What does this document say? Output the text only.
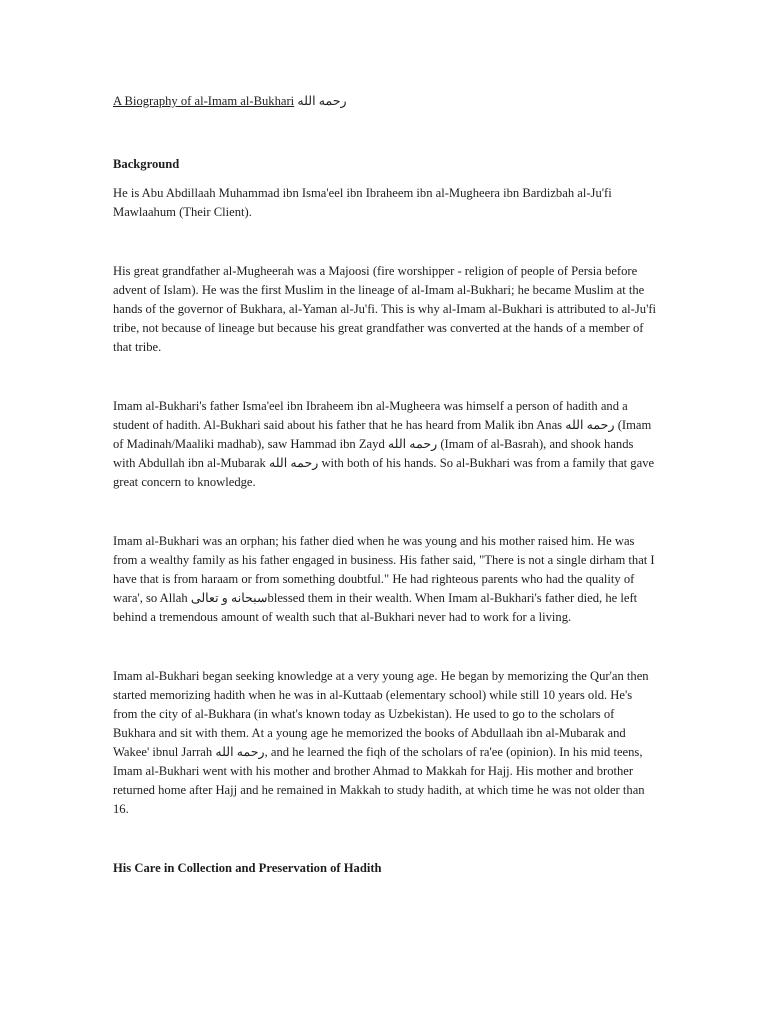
A Biography of al-Imam al-Bukhari رحمه الله
Background

He is Abu Abdillaah Muhammad ibn Isma'eel ibn Ibraheem ibn al-Mugheera ibn Bardizbah al-Ju'fi Mawlaahum (Their Client).

His great grandfather al-Mugheerah was a Majoosi (fire worshipper - religion of people of Persia before advent of Islam). He was the first Muslim in the lineage of al-Imam al-Bukhari; he became Muslim at the hands of the governor of Bukhara, al-Yaman al-Ju'fi. This is why al-Imam al-Bukhari is attributed to al-Ju'fi tribe, not because of lineage but because his great grandfather was converted at the hands of a member of that tribe.

Imam al-Bukhari's father Isma'eel ibn Ibraheem ibn al-Mugheera was himself a person of hadith and a student of hadith. Al-Bukhari said about his father that he has heard from Malik ibn Anas رحمه الله (Imam of Madinah/Maaliki madhab), saw Hammad ibn Zayd رحمه الله (Imam of al-Basrah), and shook hands with Abdullah ibn al-Mubarak رحمه الله with both of his hands. So al-Bukhari was from a family that gave great concern to knowledge.

Imam al-Bukhari was an orphan; his father died when he was young and his mother raised him. He was from a wealthy family as his father engaged in business. His father said, "There is not a single dirham that I have that is from haraam or from something doubtful." He had righteous parents who had the quality of wara', so Allah سبحانه و تعالىblessed them in their wealth. When Imam al-Bukhari's father died, he left behind a tremendous amount of wealth such that al-Bukhari never had to work for a living.

Imam al-Bukhari began seeking knowledge at a very young age. He began by memorizing the Qur'an then started memorizing hadith when he was in al-Kuttaab (elementary school) while still 10 years old. He's from the city of al-Bukhara (in what's known today as Uzbekistan). He used to go to the scholars of Bukhara and sit with them. At a young age he memorized the books of Abdullaah ibn al-Mubarak and Wakee' ibnul Jarrah رحمه الله, and he learned the fiqh of the scholars of ra'ee (opinion). In his mid teens, Imam al-Bukhari went with his mother and brother Ahmad to Makkah for Hajj. His mother and brother returned home after Hajj and he remained in Makkah to study hadith, at which time he was not older than 16.

His Care in Collection and Preservation of Hadith
